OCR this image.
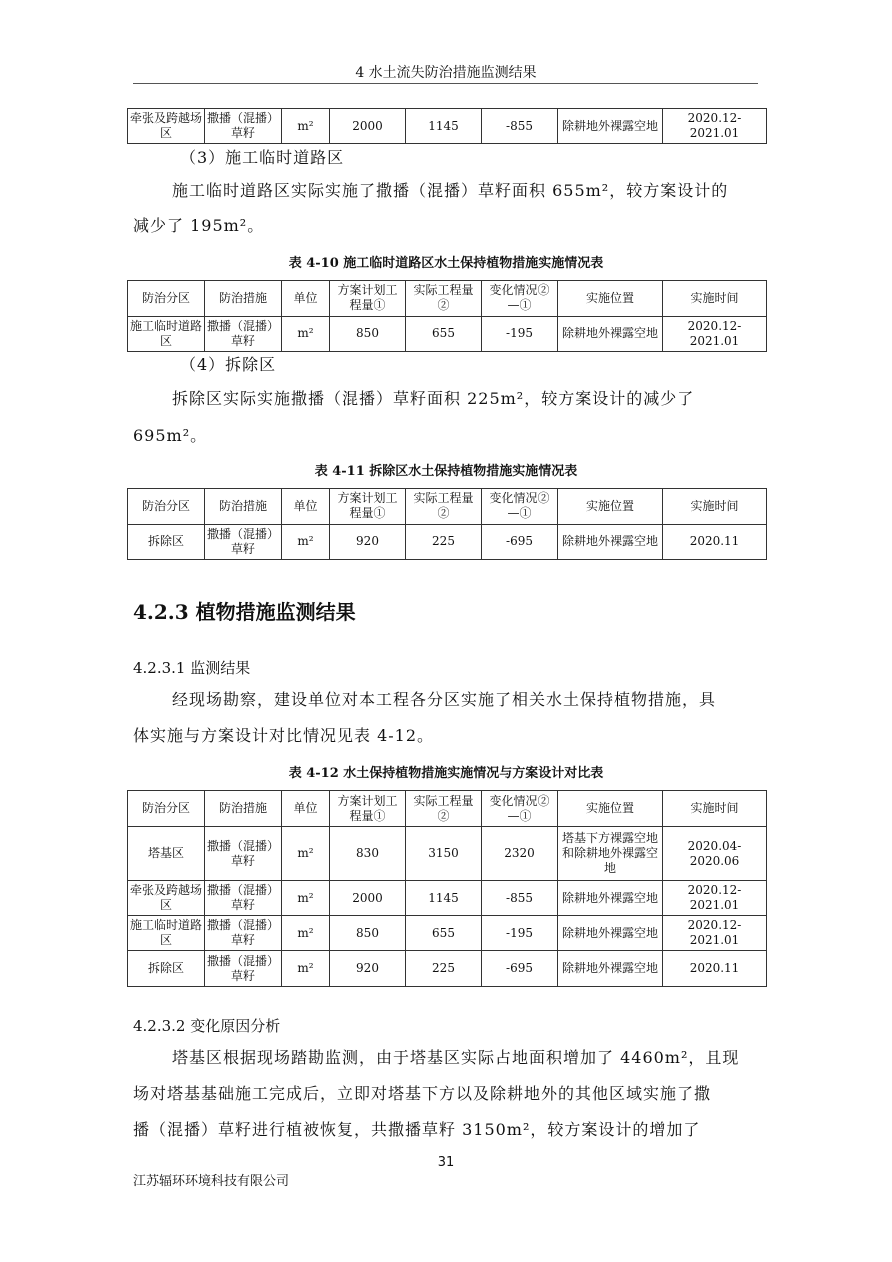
4 水土流失防治措施监测结果
牵张及跨越场区	撒播（混播）草籽	m²	2000	1145	-855	除耕地外裸露空地	2020.12-2021.01
（3）施工临时道路区
施工临时道路区实际实施了撒播（混播）草籽面积 655m²，较方案设计的
减少了 195m²。
表 4-10 施工临时道路区水土保持植物措施实施情况表
防治分区	防治措施	单位	方案计划工程量①	实际工程量②	变化情况②—①	实施位置	实施时间
施工临时道路区	撒播（混播）草籽	m²	850	655	-195	除耕地外裸露空地	2020.12-2021.01
（4）拆除区
拆除区实际实施撒播（混播）草籽面积 225m²，较方案设计的减少了
695m²。
表 4-11 拆除区水土保持植物措施实施情况表
防治分区	防治措施	单位	方案计划工程量①	实际工程量②	变化情况②—①	实施位置	实施时间
拆除区	撒播（混播）草籽	m²	920	225	-695	除耕地外裸露空地	2020.11
4.2.3 植物措施监测结果
4.2.3.1 监测结果
经现场勘察，建设单位对本工程各分区实施了相关水土保持植物措施，具
体实施与方案设计对比情况见表 4-12。
表 4-12 水土保持植物措施实施情况与方案设计对比表
防治分区	防治措施	单位	方案计划工程量①	实际工程量②	变化情况②—①	实施位置	实施时间
塔基区	撒播（混播）草籽	m²	830	3150	2320	塔基下方裸露空地和除耕地外裸露空地	2020.04-2020.06
牵张及跨越场区	撒播（混播）草籽	m²	2000	1145	-855	除耕地外裸露空地	2020.12-2021.01
施工临时道路区	撒播（混播）草籽	m²	850	655	-195	除耕地外裸露空地	2020.12-2021.01
拆除区	撒播（混播）草籽	m²	920	225	-695	除耕地外裸露空地	2020.11
4.2.3.2 变化原因分析
塔基区根据现场踏勘监测，由于塔基区实际占地面积增加了 4460m²，且现
场对塔基基础施工完成后，立即对塔基下方以及除耕地外的其他区域实施了撒
播（混播）草籽进行植被恢复，共撒播草籽 3150m²，较方案设计的增加了
31
江苏辐环环境科技有限公司
